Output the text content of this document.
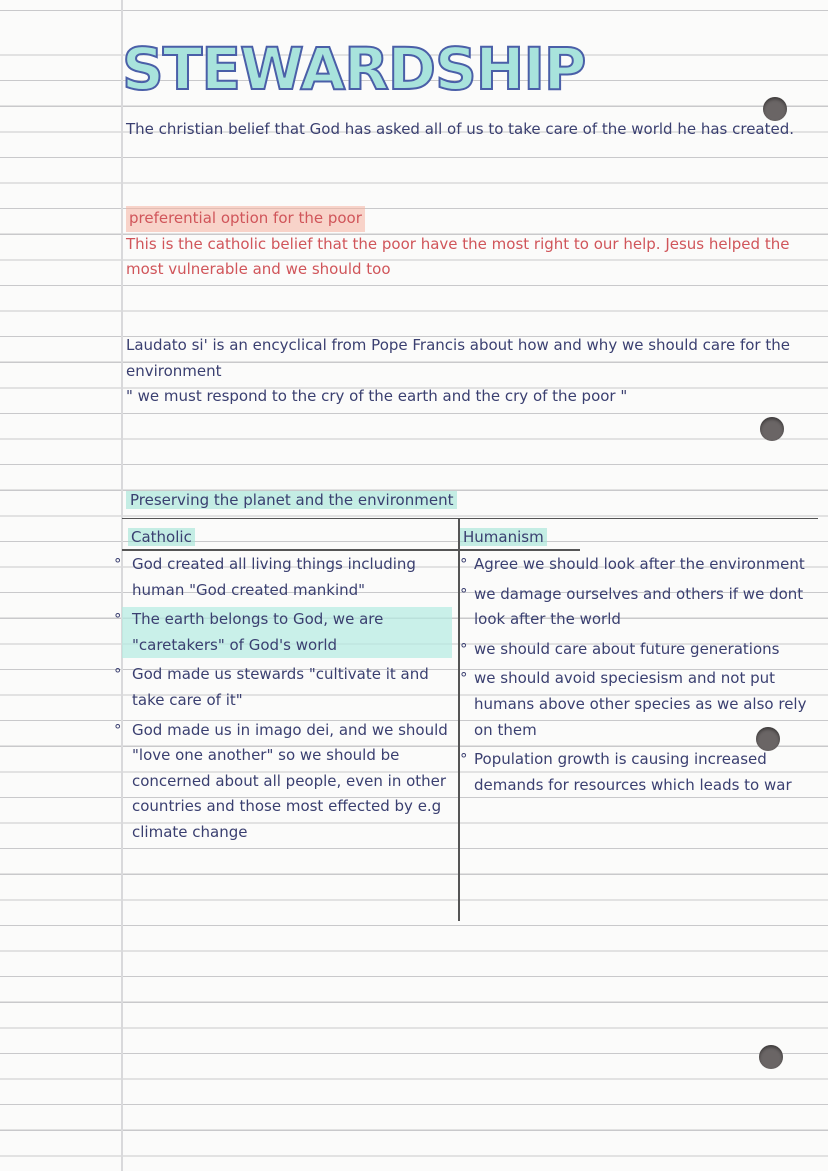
STEWARDSHIP

The christian belief that God has asked all of us to take care of the world he has created.

preferential option for the poor

This is the catholic belief that the poor have the most right to our help. Jesus helped the most vulnerable and we should too

Laudato si' is an encyclical from Pope Francis about how and why we should care for the environment

" we must respond to the cry of the earth and the cry of the poor "

Preserving the planet and the environment

Catholic	Humanism

° God created all living things including human "God created mankind"
° The earth belongs to God, we are "caretakers" of God's world
° God made us stewards "cultivate it and take care of it"
° God made us in imago dei, and we should "love one another" so we should be concerned about all people, even in other countries and those most effected by e.g climate change
° Agree we should look after the environment
° we damage ourselves and others if we dont look after the world
° we should care about future generations
° we should avoid speciesism and not put humans above other species as we also rely on them
° Population growth is causing increased demands for resources which leads to war
